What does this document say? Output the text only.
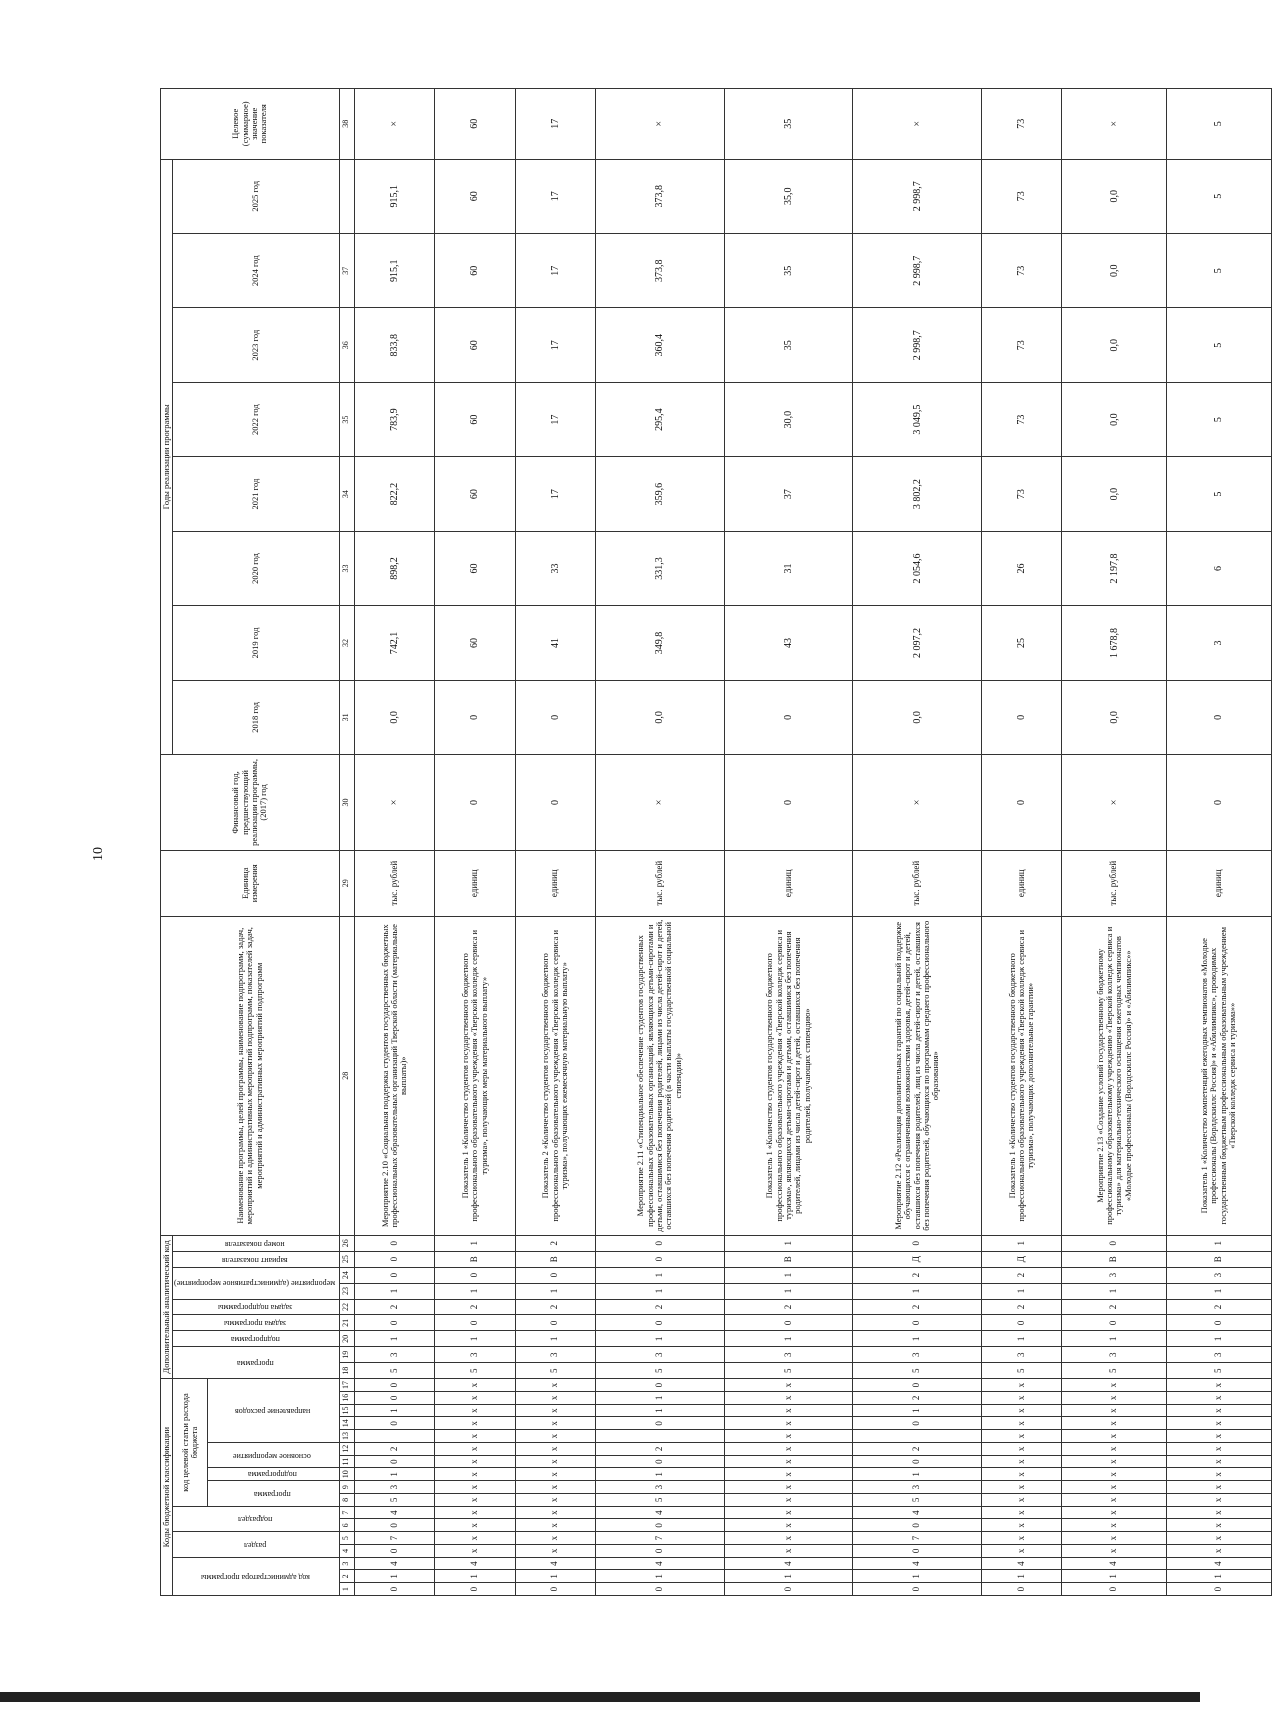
10
Коды бюджетной классификации																	Дополнительный аналитический код									Наименование программы, целей программы, наименование подпрограмм, задач, мероприятий и административных мероприятий подпрограмм, показателей задач, мероприятий и административных мероприятий подпрограмм	Единица измерения	Финансовый год, предшествующий реализации программы, (2017) год	Годы реализации программы								Целевое (суммарное) значение показателя
код администратора программы			раздел		подраздел		код целевой статьи расхода бюджета										программа		подпрограмма	задача программы	задача подпрограммы	мероприятие (административное мероприятие)		вариант показателя	номер показателя				2018 год	2019 год	2020 год	2021 год	2022 год	2023 год	2024 год	2025 год	
							программа		подпрограмма	основное мероприятие		направление расходов																									
1	2	3	4	5	6	7	8	9	10	11	12	13	14	15	16	17	18	19	20	21	22	23	24	25	26	28	29	30	31	32	33	34	35	36	37		38
0	1	4	0	7	0	4	5	3	1	0	2		0	1	0	0	5	3	1	0	2	1	0	0	0	Мероприятие 2.10 «Социальная поддержка студентов государственных бюджетных профессиональных образовательных организаций Тверской области (материальные выплаты)»	тыс. рублей	×	0,0	742,1	898,2	822,2	783,9	833,8	915,1	915,1	×
0	1	4	x	x	x	x	x	x	x	x	x	x	x	x	x	x	5	3	1	0	2	1	0	В	1	Показатель 1 «Количество студентов государственного бюджетного профессионального образовательного учреждения «Тверской колледж сервиса и туризма», получающих меры материального выплату»	единиц	0	0	60	60	60	60	60	60	60	60
0	1	4	x	x	x	x	x	x	x	x	x	x	x	x	x	x	5	3	1	0	2	1	0	В	2	Показатель 2 «Количество студентов государственного бюджетного профессионального образовательного учреждения «Тверской колледж сервиса и туризма», получающих ежемесячную материальную выплату»	единиц	0	0	41	33	17	17	17	17	17	17
0	1	4	0	7	0	4	5	3	1	0	2		0	1	1	0	5	3	1	0	2	1	1	0	0	Мероприятие 2.11 «Стипендиальное обеспечение студентов государственных профессиональных образовательных организаций, являющихся детьми-сиротами и детьми, оставшимися без попечения родителей, лицами из числа детей-сирот и детей, оставшихся без попечения родителей (в части выплаты государственной социальной стипендии)»	тыс. рублей	×	0,0	349,8	331,3	359,6	295,4	360,4	373,8	373,8	×
0	1	4	x	x	x	x	x	x	x	x	x	x	x	x	x	x	5	3	1	0	2	1	1	В	1	Показатель 1 «Количество студентов государственного бюджетного профессионального образовательного учреждения «Тверской колледж сервиса и туризма», являющихся детьми-сиротами и детьми, оставшимися без попечения родителей, лицами из числа детей-сирот и детей, оставшихся без попечения родителей, получающих стипендию»	единиц	0	0	43	31	37	30,0	35	35	35,0	35
0	1	4	0	7	0	4	5	3	1	0	2		0	1	2	0	5	3	1	0	2	1	2	Д	0	Мероприятие 2.12 «Реализация дополнительных гарантий по социальной поддержке обучающихся с ограниченными возможностями здоровья, детей-сирот и детей, оставшихся без попечения родителей, лиц из числа детей-сирот и детей, оставшихся без попечения родителей, обучающихся по программам среднего профессионального образования»	тыс. рублей	×	0,0	2 097,2	2 054,6	3 802,2	3 049,5	2 998,7	2 998,7	2 998,7	×
0	1	4	x	x	x	x	x	x	x	x	x	x	x	x	x	x	5	3	1	0	2	1	2	Д	1	Показатель 1 «Количество студентов государственного бюджетного профессионального образовательного учреждения «Тверской колледж сервиса и туризма», получающих дополнительные гарантии»	единиц	0	0	25	26	73	73	73	73	73	73
0	1	4	x	x	x	x	x	x	x	x	x	x	x	x	x	x	5	3	1	0	2	1	3	В	0	Мероприятие 2.13 «Создание условий государственному бюджетному профессиональному образовательному учреждению «Тверской колледж сервиса и туризма» для материально-технического оснащения ежегодных чемпионатов «Молодые профессионалы (Ворлдскиллс Россия)» и «Абилимпикс»»	тыс. рублей	×	0,0	1 678,8	2 197,8	0,0	0,0	0,0	0,0	0,0	×
0	1	4	x	x	x	x	x	x	x	x	x	x	x	x	x	x	5	3	1	0	2	1	3	В	1	Показатель 1 «Количество компетенций ежегодных чемпионатов «Молодые профессионалы (Ворлдскиллс Россия)» и «Абилимпикс», проводимых государственным бюджетным профессиональным образовательным учреждением «Тверской колледж сервиса и туризма»»	единиц	0	0	3	6	5	5	5	5	5	5
